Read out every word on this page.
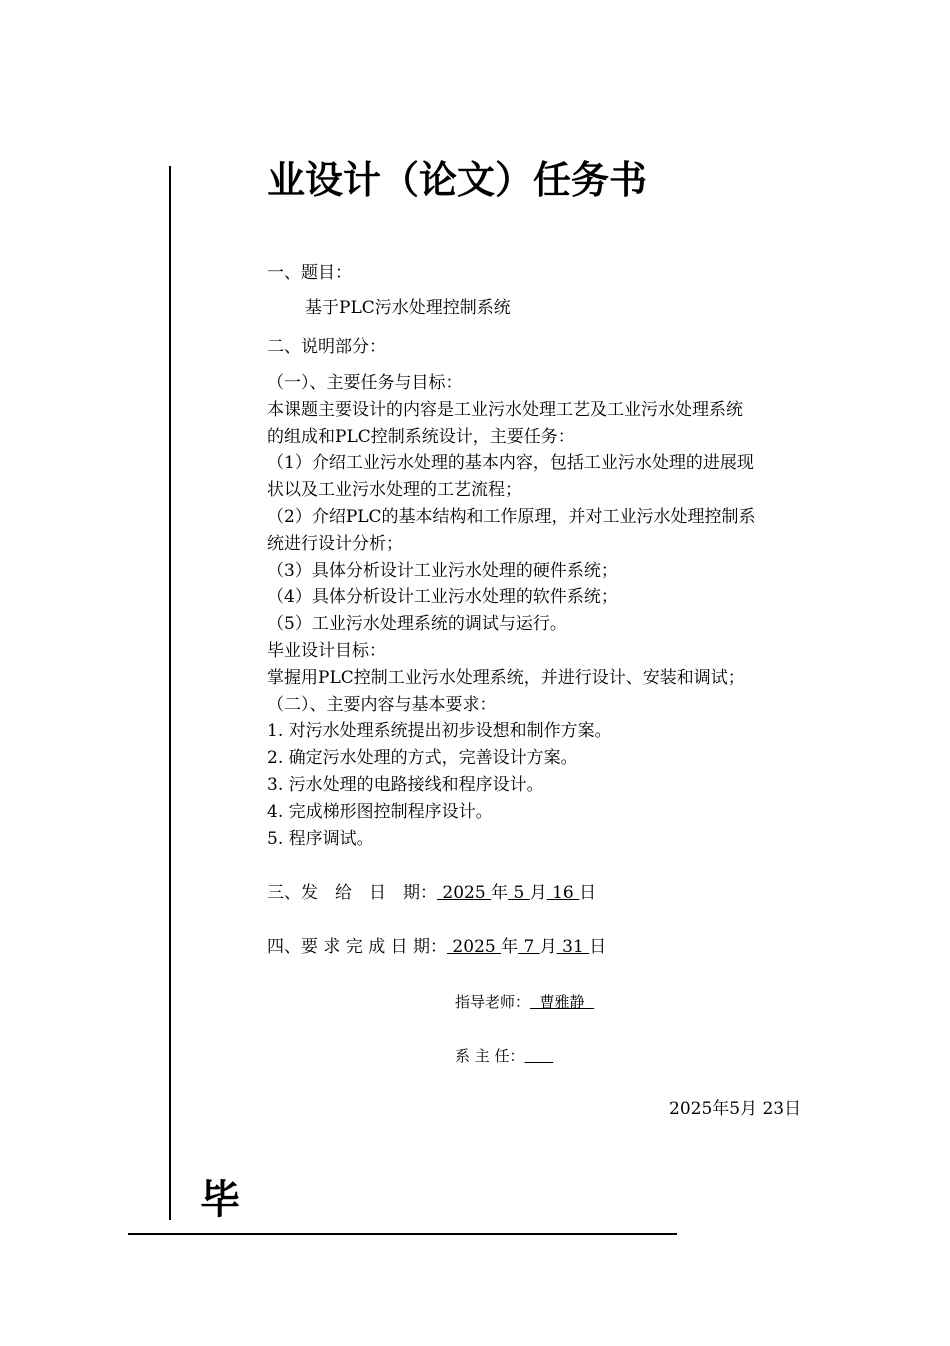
业设计（论文）任务书
毕
一、题目：
基于PLC污水处理控制系统
二、说明部分：
（一）、主要任务与目标：
本课题主要设计的内容是工业污水处理工艺及工业污水处理系统
的组成和PLC控制系统设计，主要任务：
（1）介绍工业污水处理的基本内容，包括工业污水处理的进展现
状以及工业污水处理的工艺流程；
（2）介绍PLC的基本结构和工作原理，并对工业污水处理控制系
统进行设计分析；
（3）具体分析设计工业污水处理的硬件系统；
（4）具体分析设计工业污水处理的软件系统；
（5）工业污水处理系统的调试与运行。
毕业设计目标：
掌握用PLC控制工业污水处理系统，并进行设计、安装和调试；
（二）、主要内容与基本要求：
1. 对污水处理系统提出初步设想和制作方案。
2. 确定污水处理的方式，完善设计方案。
3. 污水处理的电路接线和程序设计。
4. 完成梯形图控制程序设计。
5. 程序调试。
三、发　给　日　期： 2025 年 5 月 16 日
四、要 求 完 成 日 期： 2025 年 7 月 31 日
指导老师：  曹雅静
系 主 任：
2025年5月 23日
